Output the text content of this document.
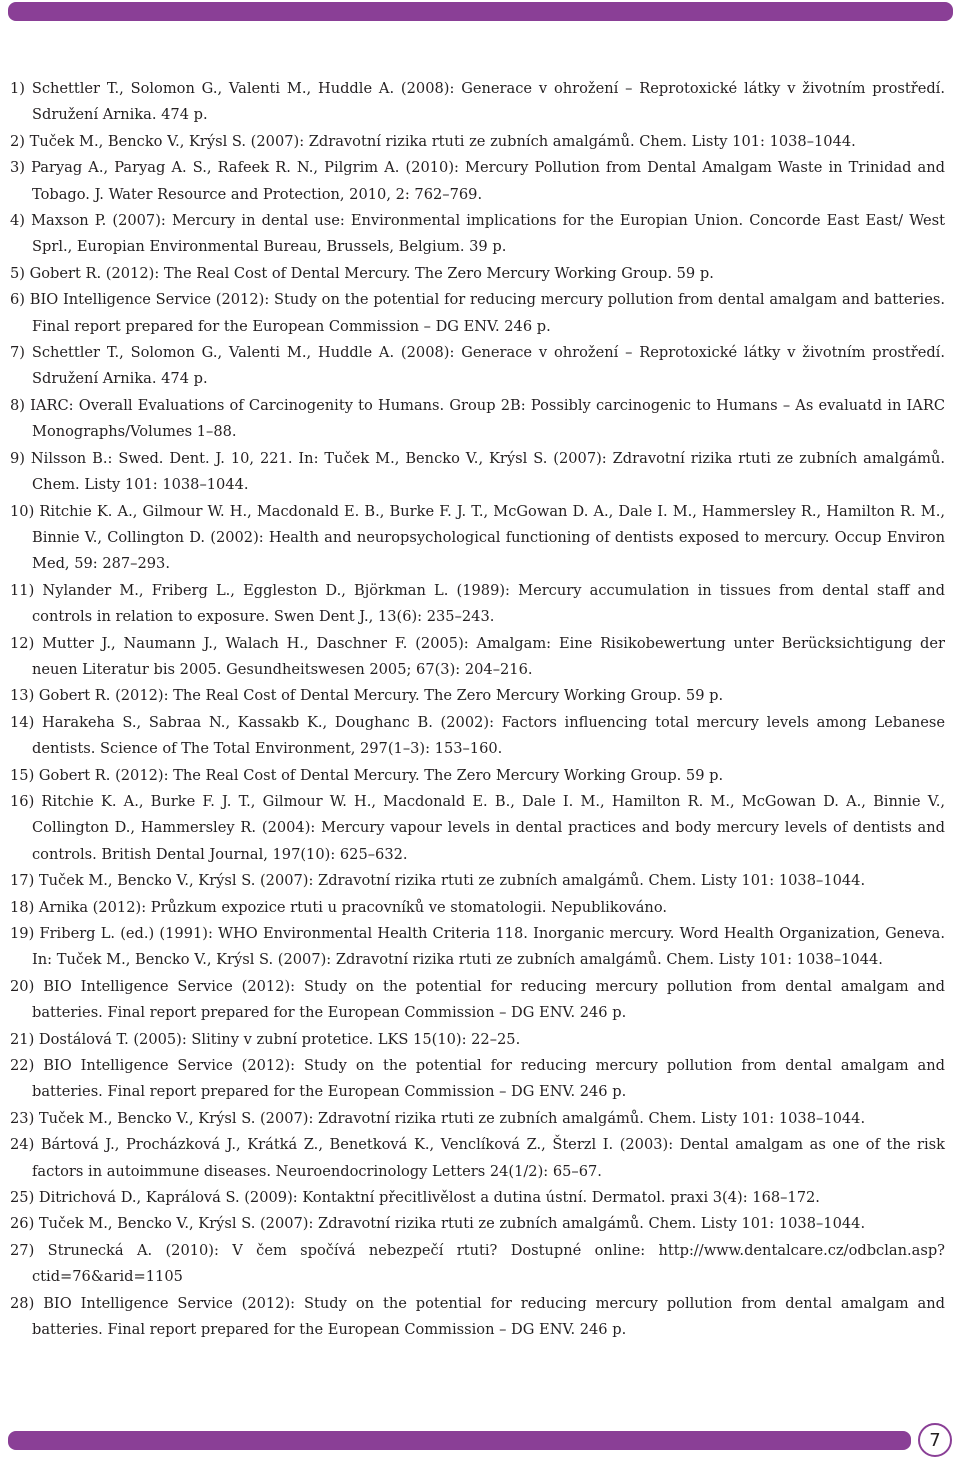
1) Schettler T., Solomon G., Valenti M., Huddle A. (2008): Generace v ohrožení – Reprotoxické látky v životním prostředí. Sdružení Arnika. 474 p.
2) Tuček M., Bencko V., Krýsl S. (2007): Zdravotní rizika rtuti ze zubních amalgámů. Chem. Listy 101: 1038–1044.
3) Paryag A., Paryag A. S., Rafeek R. N., Pilgrim A. (2010): Mercury Pollution from Dental Amalgam Waste in Trinidad and Tobago. J. Water Resource and Protection, 2010, 2: 762–769.
4) Maxson P. (2007): Mercury in dental use: Environmental implications for the Europian Union. Concorde East East/ West Sprl., Europian Environmental Bureau, Brussels, Belgium. 39 p.
5) Gobert R. (2012): The Real Cost of Dental Mercury. The Zero Mercury Working Group. 59 p.
6) BIO Intelligence Service (2012): Study on the potential for reducing mercury pollution from dental amalgam and batteries. Final report prepared for the European Commission – DG ENV. 246 p.
7) Schettler T., Solomon G., Valenti M., Huddle A. (2008): Generace v ohrožení – Reprotoxické látky v životním prostředí. Sdružení Arnika. 474 p.
8) IARC: Overall Evaluations of Carcinogenity to Humans. Group 2B: Possibly carcinogenic to Humans – As evaluatd in IARC Monographs/Volumes 1–88.
9) Nilsson B.: Swed. Dent. J. 10, 221. In: Tuček M., Bencko V., Krýsl S. (2007): Zdravotní rizika rtuti ze zubních amalgámů. Chem. Listy 101: 1038–1044.
10) Ritchie K. A., Gilmour W. H., Macdonald E. B., Burke F. J. T., McGowan D. A., Dale I. M., Hammersley R., Hamilton R. M., Binnie V., Collington D. (2002): Health and neuropsychological functioning of dentists exposed to mercury. Occup Environ Med, 59: 287–293.
11) Nylander M., Friberg L., Eggleston D., Björkman L. (1989): Mercury accumulation in tissues from dental staff and controls in relation to exposure. Swen Dent J., 13(6): 235–243.
12) Mutter J., Naumann J., Walach H., Daschner F. (2005): Amalgam: Eine Risikobewertung unter Berücksichtigung der neuen Literatur bis 2005. Gesundheitswesen 2005; 67(3): 204–216.
13) Gobert R. (2012): The Real Cost of Dental Mercury. The Zero Mercury Working Group. 59 p.
14) Harakeha S., Sabraa N., Kassakb K., Doughanc B. (2002): Factors influencing total mercury levels among Lebanese dentists. Science of The Total Environment, 297(1–3): 153–160.
15) Gobert R. (2012): The Real Cost of Dental Mercury. The Zero Mercury Working Group. 59 p.
16) Ritchie K. A., Burke F. J. T., Gilmour W. H., Macdonald E. B., Dale I. M., Hamilton R. M., McGowan D. A., Binnie V., Collington D., Hammersley R. (2004): Mercury vapour levels in dental practices and body mercury levels of dentists and controls. British Dental Journal, 197(10): 625–632.
17) Tuček M., Bencko V., Krýsl S. (2007): Zdravotní rizika rtuti ze zubních amalgámů. Chem. Listy 101: 1038–1044.
18) Arnika (2012): Průzkum expozice rtuti u pracovníků ve stomatologii. Nepublikováno.
19) Friberg L. (ed.) (1991): WHO Environmental Health Criteria 118. Inorganic mercury. Word Health Organization, Geneva. In: Tuček M., Bencko V., Krýsl S. (2007): Zdravotní rizika rtuti ze zubních amalgámů. Chem. Listy 101: 1038–1044.
20) BIO Intelligence Service (2012): Study on the potential for reducing mercury pollution from dental amalgam and batteries. Final report prepared for the European Commission – DG ENV. 246 p.
21) Dostálová T. (2005): Slitiny v zubní protetice. LKS 15(10): 22–25.
22) BIO Intelligence Service (2012): Study on the potential for reducing mercury pollution from dental amalgam and batteries. Final report prepared for the European Commission – DG ENV. 246 p.
23) Tuček M., Bencko V., Krýsl S. (2007): Zdravotní rizika rtuti ze zubních amalgámů. Chem. Listy 101: 1038–1044.
24) Bártová J., Procházková J., Krátká Z., Benetková K., Venclíková Z., Šterzl I. (2003): Dental amalgam as one of the risk factors in autoimmune diseases. Neuroendocrinology Letters 24(1/2): 65–67.
25) Ditrichová D., Kaprálová S. (2009): Kontaktní přecitlivělost a dutina ústní. Dermatol. praxi 3(4): 168–172.
26) Tuček M., Bencko V., Krýsl S. (2007): Zdravotní rizika rtuti ze zubních amalgámů. Chem. Listy 101: 1038–1044.
27) Strunecká A. (2010): V čem spočívá nebezpečí rtuti? Dostupné online: http://www.dentalcare.cz/odbclan.asp?ctid=76&arid=1105
28) BIO Intelligence Service (2012): Study on the potential for reducing mercury pollution from dental amalgam and batteries. Final report prepared for the European Commission – DG ENV. 246 p.
7
